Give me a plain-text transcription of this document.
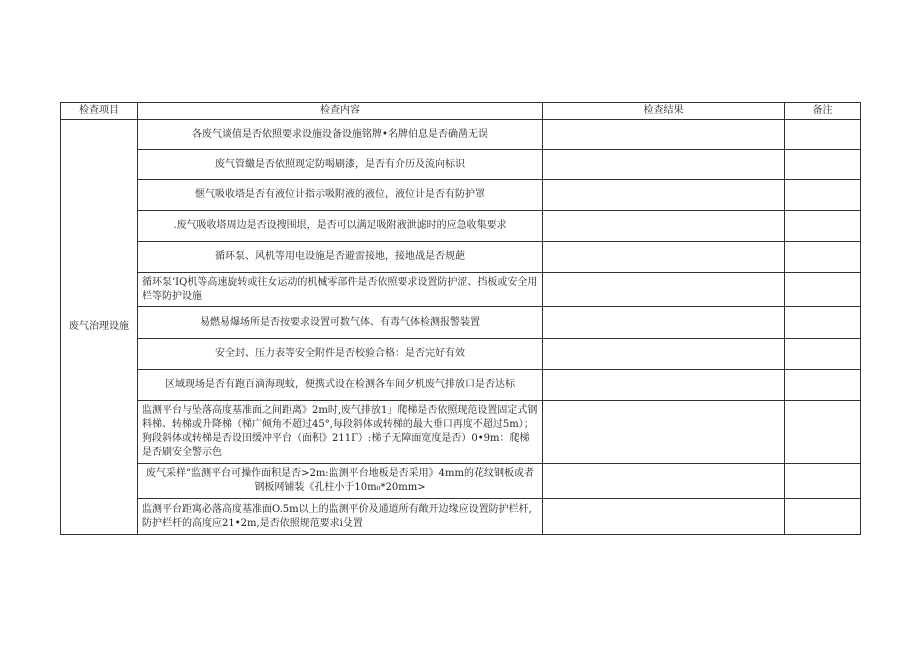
检查项目	检查内容	检查结果	备注
废气治理设施	各废气谈值是否依照要求设施设备设施铭牌•名牌伯息是否确凿无误		
	废气管繳是否依照现定防喝刷漆，是否有介历及流向标识		
	惬气吸收塔是否有液位计指示吸附液的液位，液位计是否有防护罩		
	.废气吸收塔周边是否设搜围垠，是否可以满足吸附液泄滤时的应急收集要求		
	循环泵、风机等用电设施是否避雷接地，接地战是否规葩		
	循环泵’IQ机等高速旋转或往女运动的机械零部件是否依照要求设置防护涩、挡板或安全用栏等防护设施		
	易燃易爆场所是否按要求设置可数气体、有毒气体检测报警装置		
	安全封、压力表等安全附件是否校验合格：是否完好有效		
	区域现场是否有跑百滴海现蚊，便携式设在检测各车间夕机废气排放口是否达标		
	监测平台与坠落高度基准面之间距离》2m时,废气排放1」爬梯是否依照现范设置固定式钢料梯、转梯或升降梯（梯广倾角不超过45°,每段斜体或转梯的最大垂口再度不超过5m）；狗段斜体或转梯是否设田缓冲平台（面积》211Γ）:梯子无障面宽度是否）0•9m：爬梯是否刷安全警示色		
	废气采样”监测平台可操作面积是否>2m:监测平台地板是否采用》4mm的花纹钢板或者钢板网铺装《孔柱小于10m₀*20mm>		
	监测平台距寓必落高度基准面O.5m以上的监测平价及通道所有敞开边缘应设置防护栏杆,防护栏杆的高度应21•2m,是否依照规范要求i殳置		
